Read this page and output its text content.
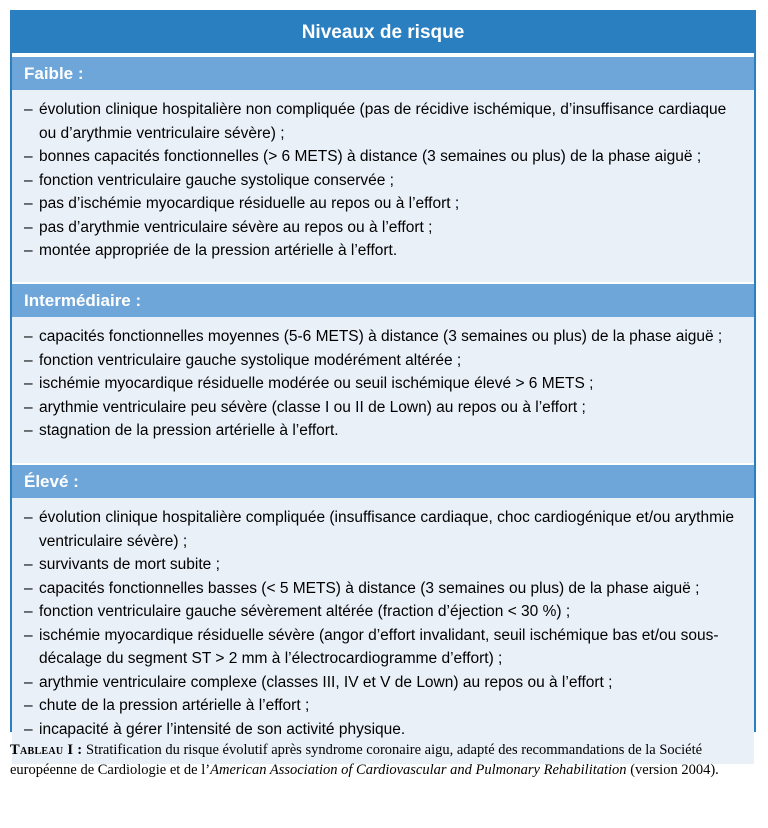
Niveaux de risque
Faible :
– évolution clinique hospitalière non compliquée (pas de récidive ischémique, d’insuffisance cardiaque ou d’arythmie ventriculaire sévère) ;
– bonnes capacités fonctionnelles (> 6 METS) à distance (3 semaines ou plus) de la phase aiguë ;
– fonction ventriculaire gauche systolique conservée ;
– pas d’ischémie myocardique résiduelle au repos ou à l’effort ;
– pas d’arythmie ventriculaire sévère au repos ou à l’effort ;
– montée appropriée de la pression artérielle à l’effort.
Intermédiaire :
– capacités fonctionnelles moyennes (5-6 METS) à distance (3 semaines ou plus) de la phase aiguë ;
– fonction ventriculaire gauche systolique modérément altérée ;
– ischémie myocardique résiduelle modérée ou seuil ischémique élevé > 6 METS ;
– arythmie ventriculaire peu sévère (classe I ou II de Lown) au repos ou à l’effort ;
– stagnation de la pression artérielle à l’effort.
Élevé :
– évolution clinique hospitalière compliquée (insuffisance cardiaque, choc cardiogénique et/ou arythmie ventriculaire sévère) ;
– survivants de mort subite ;
– capacités fonctionnelles basses (< 5 METS) à distance (3 semaines ou plus) de la phase aiguë ;
– fonction ventriculaire gauche sévèrement altérée (fraction d’éjection < 30 %) ;
– ischémie myocardique résiduelle sévère (angor d’effort invalidant, seuil ischémique bas et/ou sous-décalage du segment ST > 2 mm à l’électrocardiogramme d’effort) ;
– arythmie ventriculaire complexe (classes III, IV et V de Lown) au repos ou à l’effort ;
– chute de la pression artérielle à l’effort ;
– incapacité à gérer l’intensité de son activité physique.

Tableau I : Stratification du risque évolutif après syndrome coronaire aigu, adapté des recommandations de la Société européenne de Cardiologie et de l’American Association of Cardiovascular and Pulmonary Rehabilitation (version 2004).
